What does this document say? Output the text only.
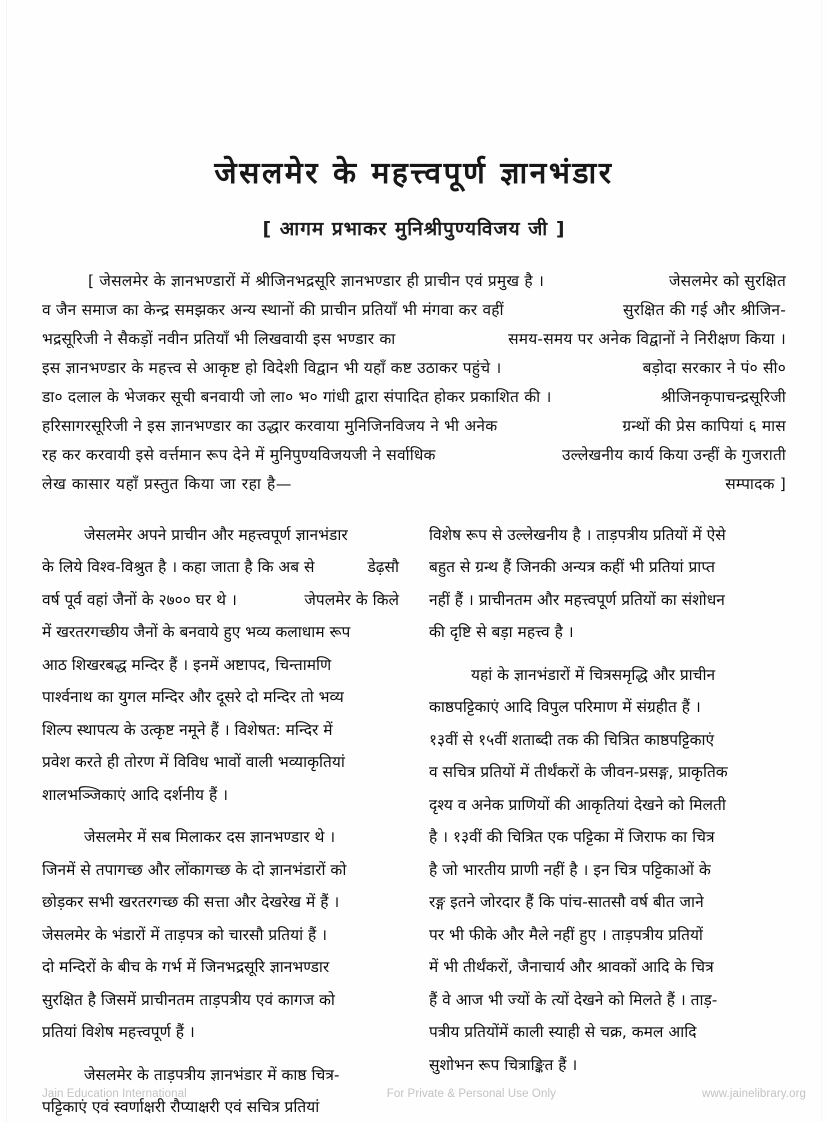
जेसलमेर के महत्त्वपूर्ण ज्ञानभंडार
[ आगम प्रभाकर मुनिश्रीपुण्यविजय जी ]
[ जेसलमेर के ज्ञानभण्डारों में श्रीजिनभद्रसूरि ज्ञानभण्डार ही प्राचीन एवं प्रमुख है ।	जेसलमेर को सुरक्षित
व जैन समाज का केन्द्र समझकर अन्य स्थानों की प्राचीन प्रतियाँ भी मंगवा कर वहीं	सुरक्षित की गई और श्रीजिन-
भद्रसूरिजी ने सैकड़ों नवीन प्रतियाँ भी लिखवायी इस भण्डार का	समय-समय पर अनेक विद्वानों ने निरीक्षण किया ।
इस ज्ञानभण्डार के महत्त्व से आकृष्ट हो विदेशी विद्वान भी यहाँ कष्ट उठाकर पहुंचे ।	बड़ोदा सरकार ने पं० सी०
डा० दलाल के भेजकर सूची बनवायी जो ला० भ० गांधी द्वारा संपादित होकर प्रकाशित की ।	श्रीजिनकृपाचन्द्रसूरिजी
हरिसागरसूरिजी ने इस ज्ञानभण्डार का उद्धार करवाया मुनिजिनविजय ने भी अनेक	ग्रन्थों की प्रेस कापियां ६ मास
रह कर करवायी इसे वर्त्तमान रूप देने में मुनिपुण्यविजयजी ने सर्वाधिक	उल्लेखनीय कार्य किया उन्हीं के गुजराती
लेख कासार यहाँ प्रस्तुत किया जा रहा है—	सम्पादक ]
जेसलमेर अपने प्राचीन और महत्त्वपूर्ण ज्ञानभंडार
के लिये विश्व-विश्रुत है । कहा जाता है कि अब से	डेढ़सौ
वर्ष पूर्व वहां जैनों के २७०० घर थे ।	जेपलमेर के किले
में खरतरगच्छीय जैनों के बनवाये हुए भव्य कलाधाम रूप
आठ शिखरबद्ध मन्दिर हैं । इनमें अष्टापद, चिन्तामणि
पार्श्वनाथ का युगल मन्दिर और दूसरे दो मन्दिर तो भव्य
शिल्प स्थापत्य के उत्कृष्ट नमूने हैं । विशेषत: मन्दिर में
प्रवेश करते ही तोरण में विविध भावों वाली भव्याकृतियां
शालभञ्जिकाएं आदि दर्शनीय हैं ।
जेसलमेर में सब मिलाकर दस ज्ञानभण्डार थे ।
जिनमें से तपागच्छ और लोंकागच्छ के दो ज्ञानभंडारों को
छोड़कर सभी खरतरगच्छ की सत्ता और देखरेख में हैं ।
जेसलमेर के भंडारों में ताड़पत्र को चारसौ प्रतियां हैं ।
दो मन्दिरों के बीच के गर्भ में जिनभद्रसूरि ज्ञानभण्डार
सुरक्षित है जिसमें प्राचीनतम ताड़पत्रीय एवं कागज को
प्रतियां विशेष महत्त्वपूर्ण हैं ।
जेसलमेर के ताड़पत्रीय ज्ञानभंडार में काष्ठ चित्र-
पट्टिकाएं एवं स्वर्णाक्षरी रौप्याक्षरी एवं सचित्र प्रतियां
विशेष रूप से उल्लेखनीय है । ताड़पत्रीय प्रतियों में ऐसे
बहुत से ग्रन्थ हैं जिनकी अन्यत्र कहीं भी प्रतियां प्राप्त
नहीं हैं । प्राचीनतम और महत्त्वपूर्ण प्रतियों का संशोधन
की दृष्टि से बड़ा महत्त्व है ।
यहां के ज्ञानभंडारों में चित्रसमृद्धि और प्राचीन
काष्ठपट्टिकाएं आदि विपुल परिमाण में संग्रहीत हैं ।
१३वीं से १५वीं शताब्दी तक की चित्रित काष्ठपट्टिकाएं
व सचित्र प्रतियों में तीर्थंकरों के जीवन-प्रसङ्ग, प्राकृतिक
दृश्य व अनेक प्राणियों की आकृतियां देखने को मिलती
है । १३वीं की चित्रित एक पट्टिका में जिराफ का चित्र
है जो भारतीय प्राणी नहीं है । इन चित्र पट्टिकाओं के
रङ्ग इतने जोरदार हैं कि पांच-सातसौ वर्ष बीत जाने
पर भी फीके और मैले नहीं हुए । ताड़पत्रीय प्रतियों
में भी तीर्थंकरों, जैनाचार्य और श्रावकों आदि के चित्र
हैं वे आज भी ज्यों के त्यों देखने को मिलते हैं । ताड़-
पत्रीय प्रतियोंमें काली स्याही से चक्र, कमल आदि
सुशोभन रूप चित्राङ्कित हैं ।
Jain Education International	For Private & Personal Use Only	www.jainelibrary.org
